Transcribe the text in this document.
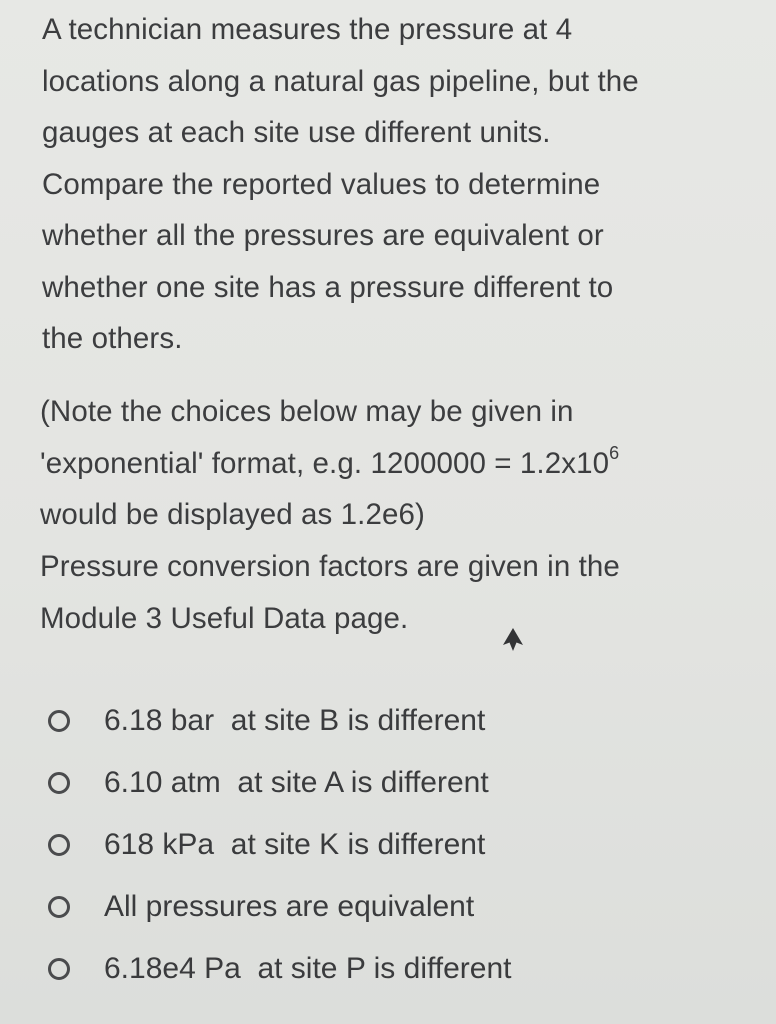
A technician measures the pressure at 4
locations along a natural gas pipeline, but the
gauges at each site use different units.
Compare the reported values to determine
whether all the pressures are equivalent or
whether one site has a pressure different to
the others.

(Note the choices below may be given in
'exponential' format, e.g. $1200000 = 1.2x10^6$
would be displayed as 1.2e6)

Pressure conversion factors are given in the
Module 3 Useful Data page.

6.18 bar  at site B is different
6.10 atm  at site A is different
618 kPa  at site K is different
All pressures are equivalent
6.18e4 Pa  at site P is different
